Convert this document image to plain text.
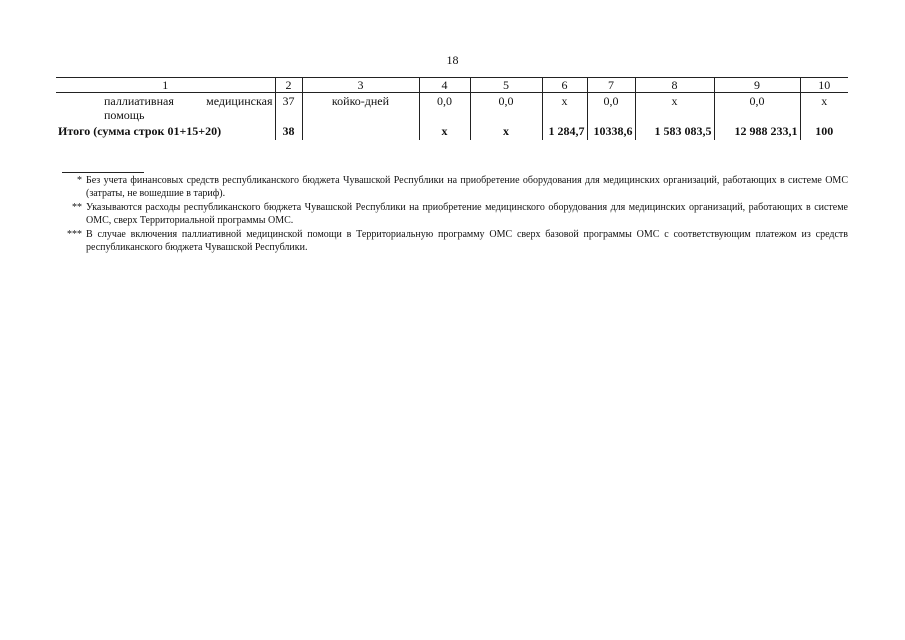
18
1	2	3	4	5	6	7	8	9	10
паллиативная медицинская
помощь	37	койко-дней	0,0	0,0	х	0,0	х	0,0	х
Итого (сумма строк 01+15+20)	38		х	х	1 284,7	10338,6	1 583 083,5	12 988 233,1	100
* Без учета финансовых средств республиканского бюджета Чувашской Республики на приобретение оборудования для медицинских организаций, работающих в системе ОМС (затраты, не вошедшие в тариф).
** Указываются расходы республиканского бюджета Чувашской Республики на приобретение медицинского оборудования для медицинских организаций, работающих в системе ОМС, сверх Территориальной программы ОМС.
*** В случае включения паллиативной медицинской помощи в Территориальную программу ОМС сверх базовой программы ОМС с соответствующим платежом из средств республиканского бюджета Чувашской Республики.
